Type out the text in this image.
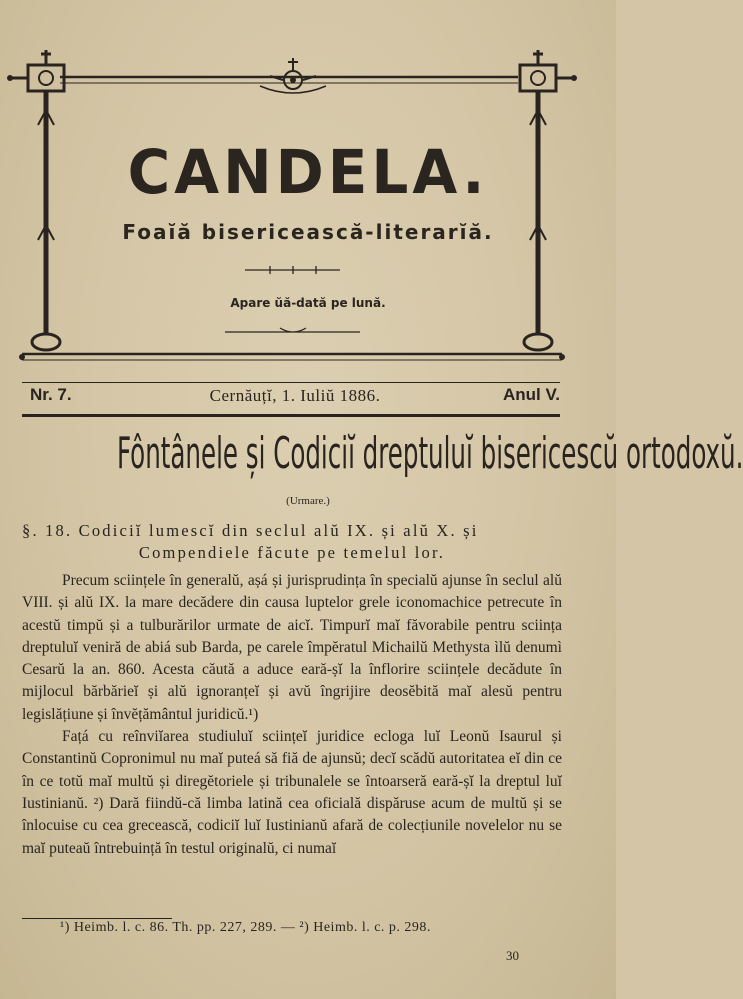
CANDELA.
Foaĭă bisericească-literarĭă.
Apare ŭă-dată pe lună.
Nr. 7.	Cernăuțĭ, 1. Iuliŭ 1886.	Anul V.
Fôntânele și Codiciĭ dreptuluĭ bisericescŭ ortodoxŭ.
(Urmare.)
§. 18. Codiciĭ lumescĭ din seclul alŭ IX. și alŭ X. și
Compendiele făcute pe temelul lor.

Precum sciințele în generalŭ, așá și jurisprudința în specialŭ ajunse în seclul alŭ VIII. și alŭ IX. la mare decădere din causa luptelor grele iconomachice petrecute în acestŭ timpŭ și a tulburărilor urmate de aicĭ. Timpurĭ maĭ făvorabile pentru sciința dreptuluĭ veniră de abiá sub Barda, pe carele împĕratul Michailŭ Methysta ìlŭ denumì Cesarŭ la an. 860. Acesta căută a aduce eară-șĭ la înflorire sciințele decădute în mijlocul bărbărieĭ și alŭ ignoranțeĭ și avŭ îngrijire deosĕbită maĭ alesŭ pentru legislățiune și învĕțământul juridicŭ.¹)

Fațá cu reînviĭarea studiuluĭ sciințeĭ juridice ecloga luĭ Leonŭ Isaurul și Constantinŭ Copronimul nu maĭ puteá să fiă de ajunsŭ; decĭ scădŭ autoritatea eĭ din ce în ce totŭ maĭ multŭ și diregĕtoriele și tribunalele se întoarseră eară-șĭ la dreptul luĭ Iustinianŭ. ²) Dară fiindŭ-că limba latină cea oficială dispăruse acum de multŭ și se înlocuise cu cea grecească, codiciĭ luĭ Iustinianŭ afară de colecțiunile novelelor nu se maĭ puteaŭ întrebuință în testul originalŭ, ci numaĭ

¹) Heimb. l. c. 86. Th. pp. 227, 289. — ²) Heimb. l. c. p. 298.
30
